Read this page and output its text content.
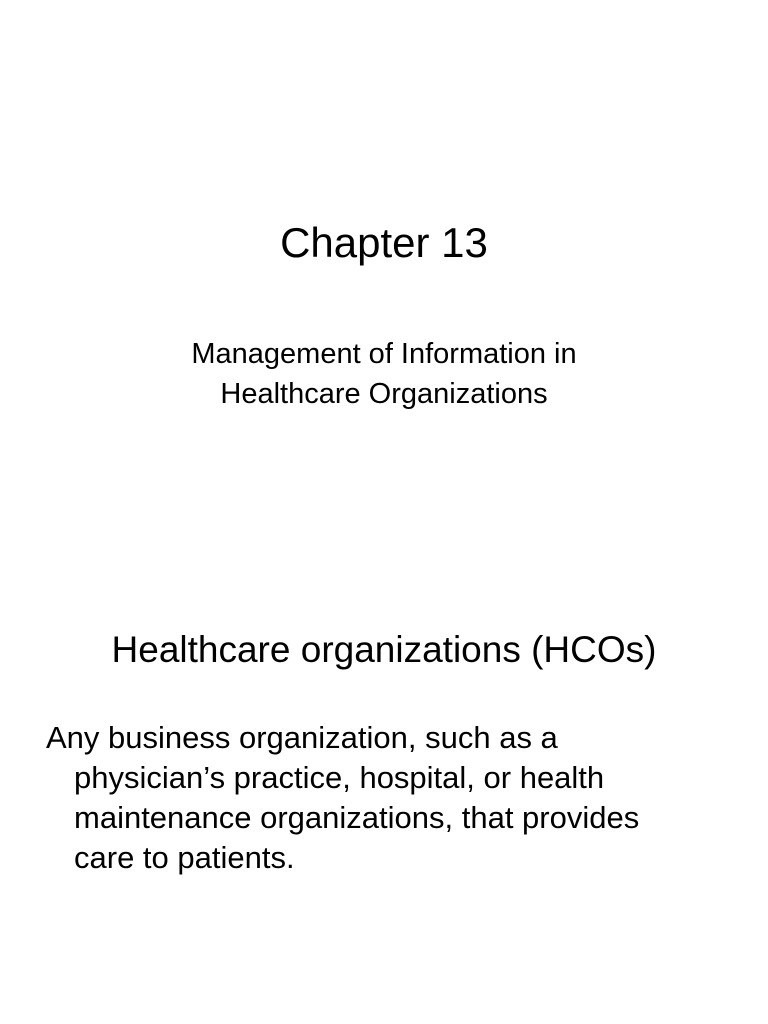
Chapter 13
Management of Information in
Healthcare Organizations
Healthcare organizations (HCOs)
Any business organization, such as a
physician’s practice, hospital, or health
maintenance organizations, that provides
care to patients.
